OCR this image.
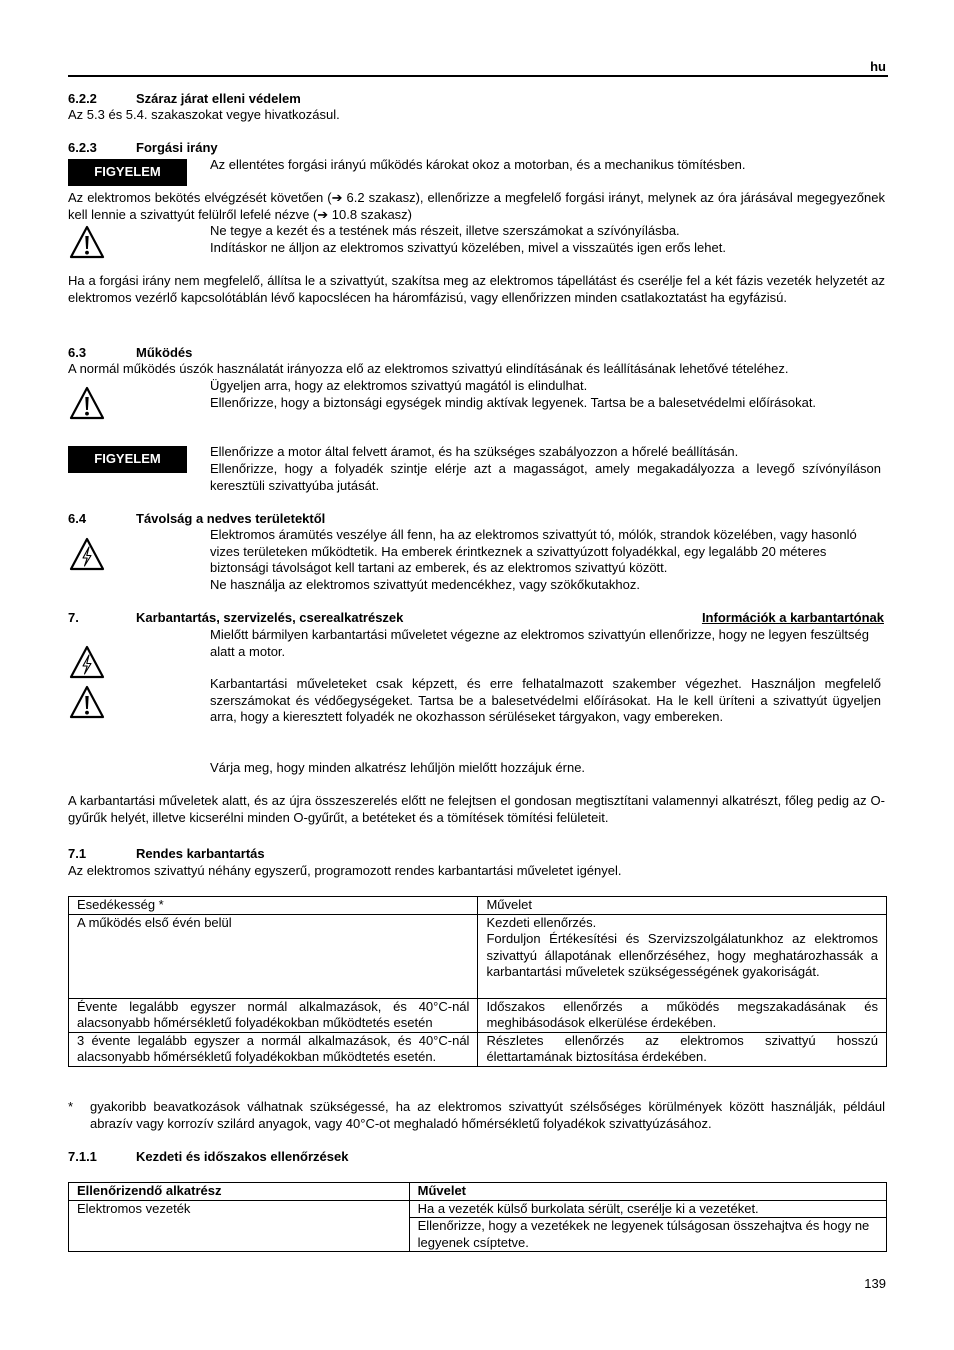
hu
6.2.2	Száraz járat elleni védelem
Az 5.3 és 5.4. szakaszokat vegye hivatkozásul.
6.2.3	Forgási irány
FIGYELEM	Az ellentétes forgási irányú működés károkat okoz a motorban, és a mechanikus tömítésben.
Az elektromos bekötés elvégzését követően (➔ 6.2 szakasz), ellenőrizze a megfelelő forgási irányt, melynek az óra járásával megegyezőnek kell lennie a szivattyút felülről lefelé nézve (➔ 10.8 szakasz)
Ne tegye a kezét és a testének más részeit, illetve szerszámokat a szívónyílásba.
Indításkor ne álljon az elektromos szivattyú közelében, mivel a visszaütés igen erős lehet.
Ha a forgási irány nem megfelelő, állítsa le a szivattyút, szakítsa meg az elektromos tápellátást és cserélje fel a két fázis vezeték helyzetét az elektromos vezérlő kapcsolótáblán lévő kapocslécen ha háromfázisú, vagy ellenőrizzen minden csatlakoztatást ha egyfázisú.
6.3	Működés
A normál működés úszók használatát irányozza elő az elektromos szivattyú elindításának és leállításának lehetővé tételéhez.
Ügyeljen arra, hogy az elektromos szivattyú magától is elindulhat.
Ellenőrizze, hogy a biztonsági egységek mindig aktívak legyenek. Tartsa be a balesetvédelmi előírásokat.
FIGYELEM	Ellenőrizze a motor által felvett áramot, és ha szükséges szabályozzon a hőrelé beállításán.
Ellenőrizze, hogy a folyadék szintje elérje azt a magasságot, amely megakadályozza a levegő szívónyíláson keresztüli szivattyúba jutását.
6.4	Távolság a nedves területektől
Elektromos áramütés veszélye áll fenn, ha az elektromos szivattyút tó, mólók, strandok közelében, vagy hasonló vizes területeken működtetik. Ha emberek érintkeznek a szivattyúzott folyadékkal, egy legalább 20 méteres biztonsági távolságot kell tartani az emberek, és az elektromos szivattyú között.
Ne használja az elektromos szivattyút medencékhez, vagy szökőkutakhoz.
7.	Karbantartás, szervizelés, cserealkatrészek	Információk a karbantartónak
Mielőtt bármilyen karbantartási műveletet végezne az elektromos szivattyún ellenőrizze, hogy ne legyen feszültség alatt a motor.
Karbantartási műveleteket csak képzett, és erre felhatalmazott szakember végezhet. Használjon megfelelő szerszámokat és védőegységeket. Tartsa be a balesetvédelmi előírásokat. Ha le kell üríteni a szivattyút ügyeljen arra, hogy a kieresztett folyadék ne okozhasson sérüléseket tárgyakon, vagy embereken.
Várja meg, hogy minden alkatrész lehűljön mielőtt hozzájuk érne.
A karbantartási műveletek alatt, és az újra összeszerelés előtt ne felejtsen el gondosan megtisztítani valamennyi alkatrészt, főleg pedig az O-gyűrűk helyét, illetve kicserélni minden O-gyűrűt, a betéteket és a tömítések tömítési felületeit.
7.1	Rendes karbantartás
Az elektromos szivattyú néhány egyszerű, programozott rendes karbantartási műveletet igényel.
Esedékesség *	Művelet
A működés első évén belül	Kezdeti ellenőrzés.

Forduljon Értékesítési és Szervizszolgálatunkhoz az elektromos szivattyú állapotának ellenőrzéséhez, hogy meghatározhassák a karbantartási műveletek szükségességének gyakoriságát.

Évente legalább egyszer normál alkalmazások, és 40°C-nál alacsonyabb hőmérsékletű folyadékokban működtetés esetén	Időszakos ellenőrzés a működés megszakadásának és meghibásodások elkerülése érdekében.
3 évente legalább egyszer a normál alkalmazások, és 40°C-nál alacsonyabb hőmérsékletű folyadékokban működtetés esetén.	Részletes ellenőrzés az elektromos szivattyú hosszú élettartamának biztosítása érdekében.
* gyakoribb beavatkozások válhatnak szükségessé, ha az elektromos szivattyút szélsőséges körülmények között használják, például abrazív vagy korrozív szilárd anyagok, vagy 40°C-ot meghaladó hőmérsékletű folyadékok szivattyúzásához.
7.1.1	Kezdeti és időszakos ellenőrzések
Ellenőrizendő alkatrész	Művelet
Elektromos vezeték	Ha a vezeték külső burkolata sérült, cserélje ki a vezetéket.
	Ellenőrizze, hogy a vezetékek ne legyenek túlságosan összehajtva és hogy ne legyenek csíptetve.
139
